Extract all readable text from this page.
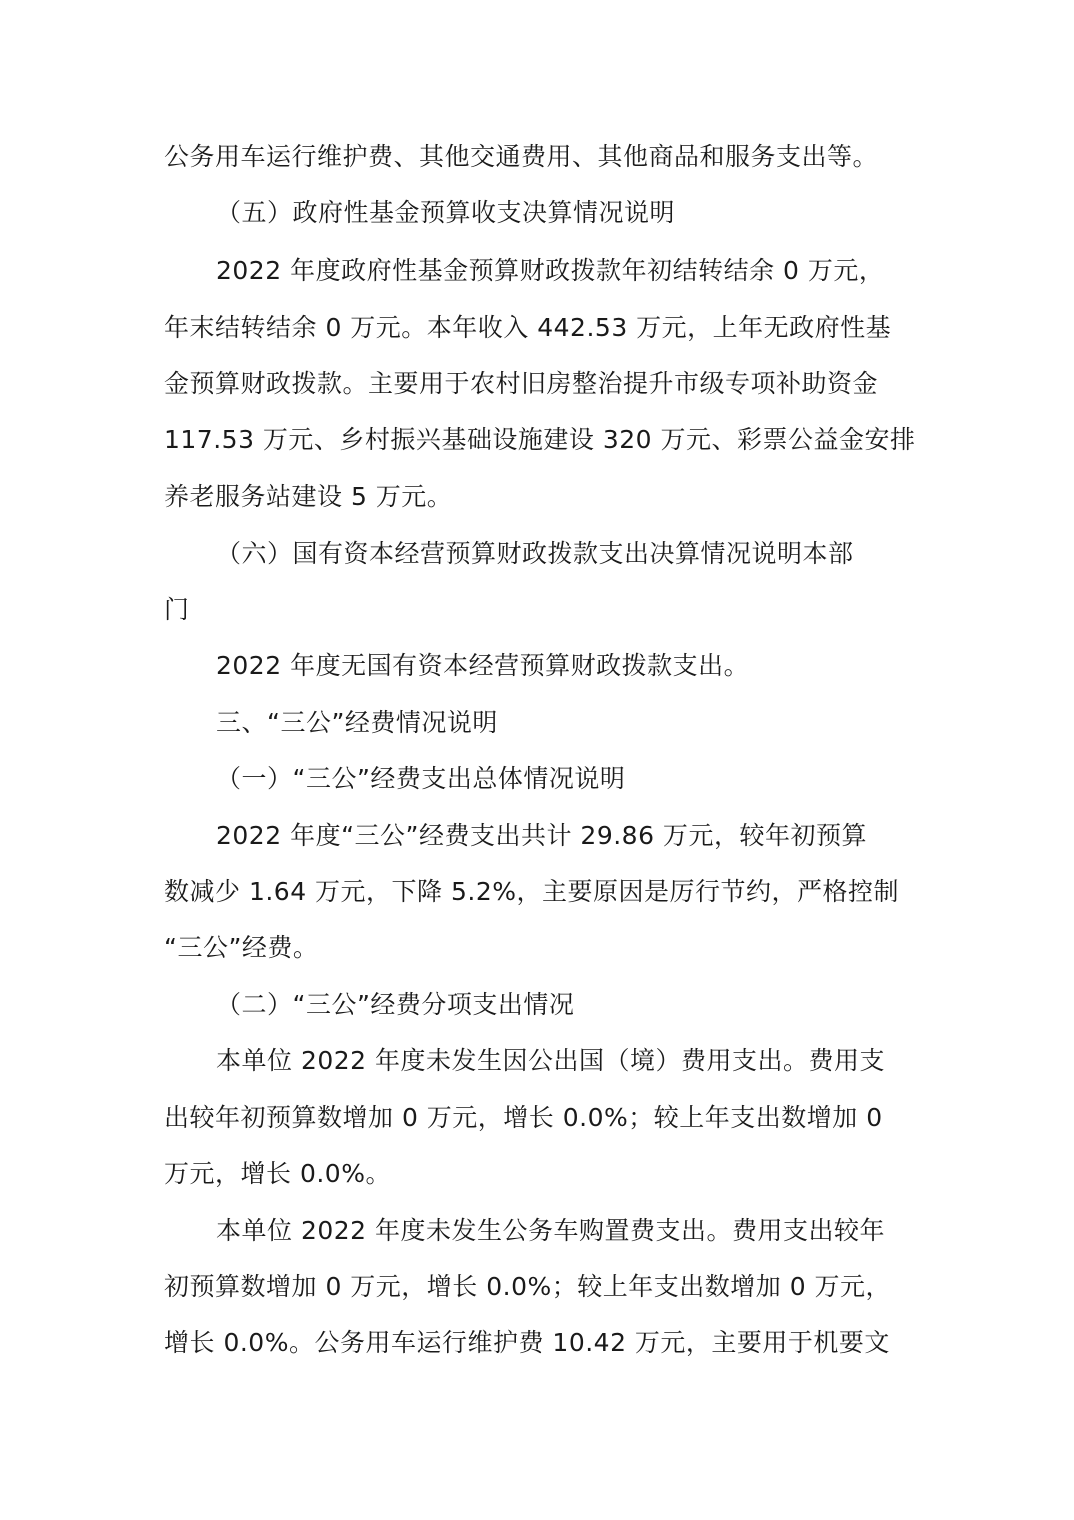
公务用车运行维护费、其他交通费用、其他商品和服务支出等。
（五）政府性基金预算收支决算情况说明
2022 年度政府性基金预算财政拨款年初结转结余 0 万元，
年末结转结余 0 万元。本年收入 442.53 万元，上年无政府性基
金预算财政拨款。主要用于农村旧房整治提升市级专项补助资金
117.53 万元、乡村振兴基础设施建设 320 万元、彩票公益金安排
养老服务站建设 5 万元。
（六）国有资本经营预算财政拨款支出决算情况说明本部
门
2022 年度无国有资本经营预算财政拨款支出。
三、“三公”经费情况说明
（一）“三公”经费支出总体情况说明
2022 年度“三公”经费支出共计 29.86 万元，较年初预算
数减少 1.64 万元，下降 5.2%，主要原因是厉行节约，严格控制
“三公”经费。
（二）“三公”经费分项支出情况
本单位 2022 年度未发生因公出国（境）费用支出。费用支
出较年初预算数增加 0 万元，增长 0.0%；较上年支出数增加 0
万元，增长 0.0%。
本单位 2022 年度未发生公务车购置费支出。费用支出较年
初预算数增加 0 万元，增长 0.0%；较上年支出数增加 0 万元，
增长 0.0%。公务用车运行维护费 10.42 万元，主要用于机要文
